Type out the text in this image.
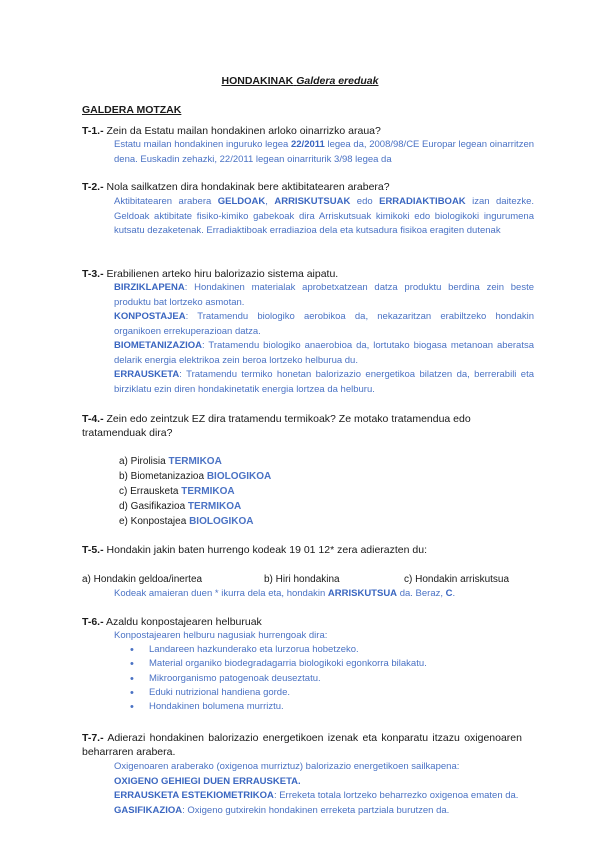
HONDAKINAK Galdera ereduak
GALDERA MOTZAK
T-1.- Zein da Estatu mailan hondakinen arloko oinarrizko araua?
Estatu mailan hondakinen inguruko legea 22/2011 legea da, 2008/98/CE Europar legean oinarritzen dena. Euskadin zehazki, 22/2011 legean oinarriturik 3/98 legea da
T-2.- Nola sailkatzen dira hondakinak bere aktibitatearen arabera?
Aktibitatearen arabera GELDOAK, ARRISKUTSUAK edo ERRADIAKTIBOAK izan daitezke. Geldoak aktibitate fisiko-kimiko gabekoak dira Arriskutsuak kimikoki edo biologikoki ingurumena kutsatu dezaketenak. Erradiaktiboak erradiazioa dela eta kutsadura fisikoa eragiten dutenak
T-3.- Erabilienen arteko hiru balorizazio sistema aipatu.
BIRZIKLAPENA: Hondakinen materialak aprobetxatzean datza produktu berdina zein beste produktu bat lortzeko asmotan.
KONPOSTAJEA: Tratamendu biologiko aerobikoa da, nekazaritzan erabiltzeko hondakin organikoen errekuperazioan datza.
BIOMETANIZAZIOA: Tratamendu biologiko anaerobioa da, lortutako biogasa metanoan aberatsa delarik energia elektrikoa zein beroa lortzeko helburua du.
ERRAUSKETA: Tratamendu termiko honetan balorizazio energetikoa bilatzen da, berrerabili eta birziklatu ezin diren hondakinetatik energia lortzea da helburu.
T-4.- Zein edo zeintzuk EZ dira tratamendu termikoak? Ze motako tratamendua edo tratamenduak dira?
a) Pirolisia TERMIKOA
b) Biometanizazioa BIOLOGIKOA
c) Errausketa TERMIKOA
d) Gasifikazioa TERMIKOA
e) Konpostajea BIOLOGIKOA
T-5.- Hondakin jakin baten hurrengo kodeak 19 01 12* zera adierazten du:
a) Hondakin geldoa/inertea	b) Hiri hondakina	c) Hondakin arriskutsua
Kodeak amaieran duen * ikurra dela eta, hondakin ARRISKUTSUA da. Beraz, C.
T-6.- Azaldu konpostajearen helburuak
Konpostajearen helburu nagusiak hurrengoak dira:
• Landareen hazkunderako eta lurzorua hobetzeko.
• Material organiko biodegradagarria biologikoki egonkorra bilakatu.
• Mikroorganismo patogenoak deuseztatu.
• Eduki nutrizional handiena gorde.
• Hondakinen bolumena murriztu.
T-7.- Adierazi hondakinen balorizazio energetikoen izenak eta konparatu itzazu oxigenoaren beharraren arabera.
Oxigenoaren araberako (oxigenoa murriztuz) balorizazio energetikoen sailkapena:
OXIGENO GEHIEGI DUEN ERRAUSKETA.
ERRAUSKETA ESTEKIOMETRIKOA: Erreketa totala lortzeko beharrezko oxigenoa ematen da.
GASIFIKAZIOA: Oxigeno gutxirekin hondakinen erreketa partziala burutzen da.
